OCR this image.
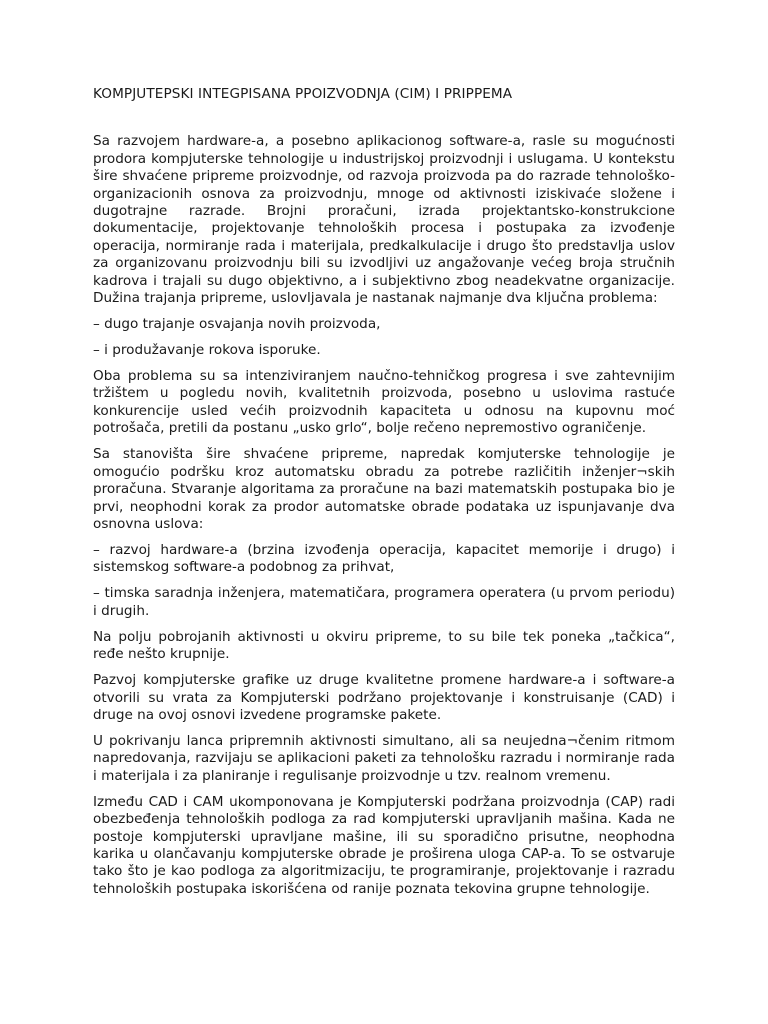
KOMPJUTEPSKI INTEGPISANA PPOIZVODNJA (CIM) I PRIPPEMA

Sa razvojem hardware-a, a posebno aplikacionog software-a, rasle su mogućnosti prodora kompjuterske tehnologije u industrijskoj proizvodnji i uslugama. U kontekstu šire shvaćene pripreme proizvodnje, od razvoja proizvoda pa do razrade tehnološko-organizacionih osnova za proizvodnju, mnoge od aktivnosti iziskivaće složene i dugotrajne razrade. Brojni proračuni, izrada projektantsko-konstrukcione dokumentacije, projektovanje tehnoloških procesa i postupaka za izvođenje operacija, normiranje rada i materijala, predkalkulacije i drugo što predstavlja uslov za organizovanu proizvodnju bili su izvodljivi uz angažovanje većeg broja stručnih kadrova i trajali su dugo objektivno, a i subjektivno zbog neadekvatne organizacije. Dužina trajanja pripreme, uslovljavala je nastanak najmanje dva ključna problema:

– dugo trajanje osvajanja novih proizvoda,

– i produžavanje rokova isporuke.

Oba problema su sa intenziviranjem naučno-tehničkog progresa i sve zahtevnijim tržištem u pogledu novih, kvalitetnih proizvoda, posebno u uslovima rastuće konkurencije usled većih proizvodnih kapaciteta u odnosu na kupovnu moć potrošača, pretili da postanu „usko grlo“, bolje rečeno nepremostivo ograničenje.

Sa stanovišta šire shvaćene pripreme, napredak komjuterske tehnologije je omogućio podršku kroz automatsku obradu za potrebe različitih inženjer¬skih proračuna. Stvaranje algoritama za proračune na bazi matematskih postupaka bio je prvi, neophodni korak za prodor automatske obrade podataka uz ispunjavanje dva osnovna uslova:

– razvoj hardware-a (brzina izvođenja operacija, kapacitet memorije i drugo) i sistemskog software-a podobnog za prihvat,

– timska saradnja inženjera, matematičara, programera operatera (u prvom periodu) i drugih.

Na polju pobrojanih aktivnosti u okviru pripreme, to su bile tek poneka „tačkica“, ređe nešto krupnije.

Pazvoj kompjuterske grafike uz druge kvalitetne promene hardware-a i software-a otvorili su vrata za Kompjuterski podržano projektovanje i konstruisanje (CAD) i druge na ovoj osnovi izvedene programske pakete.

U pokrivanju lanca pripremnih aktivnosti simultano, ali sa neujedna¬čenim ritmom napredovanja, razvijaju se aplikacioni paketi za tehnološku razradu i normiranje rada i materijala i za planiranje i regulisanje proizvodnje u tzv. realnom vremenu.

Između CAD i CAM ukomponovana je Kompjuterski podržana proizvodnja (CAP) radi obezbeđenja tehnoloških podloga za rad kompjuterski upravljanih mašina. Kada ne postoje kompjuterski upravljane mašine, ili su sporadično prisutne, neophodna karika u olančavanju kompjuterske obrade je proširena uloga CAP-a. To se ostvaruje tako što je kao podloga za algoritmizaciju, te programiranje, projektovanje i razradu tehnoloških postupaka iskorišćena od ranije poznata tekovina grupne tehnologije.
